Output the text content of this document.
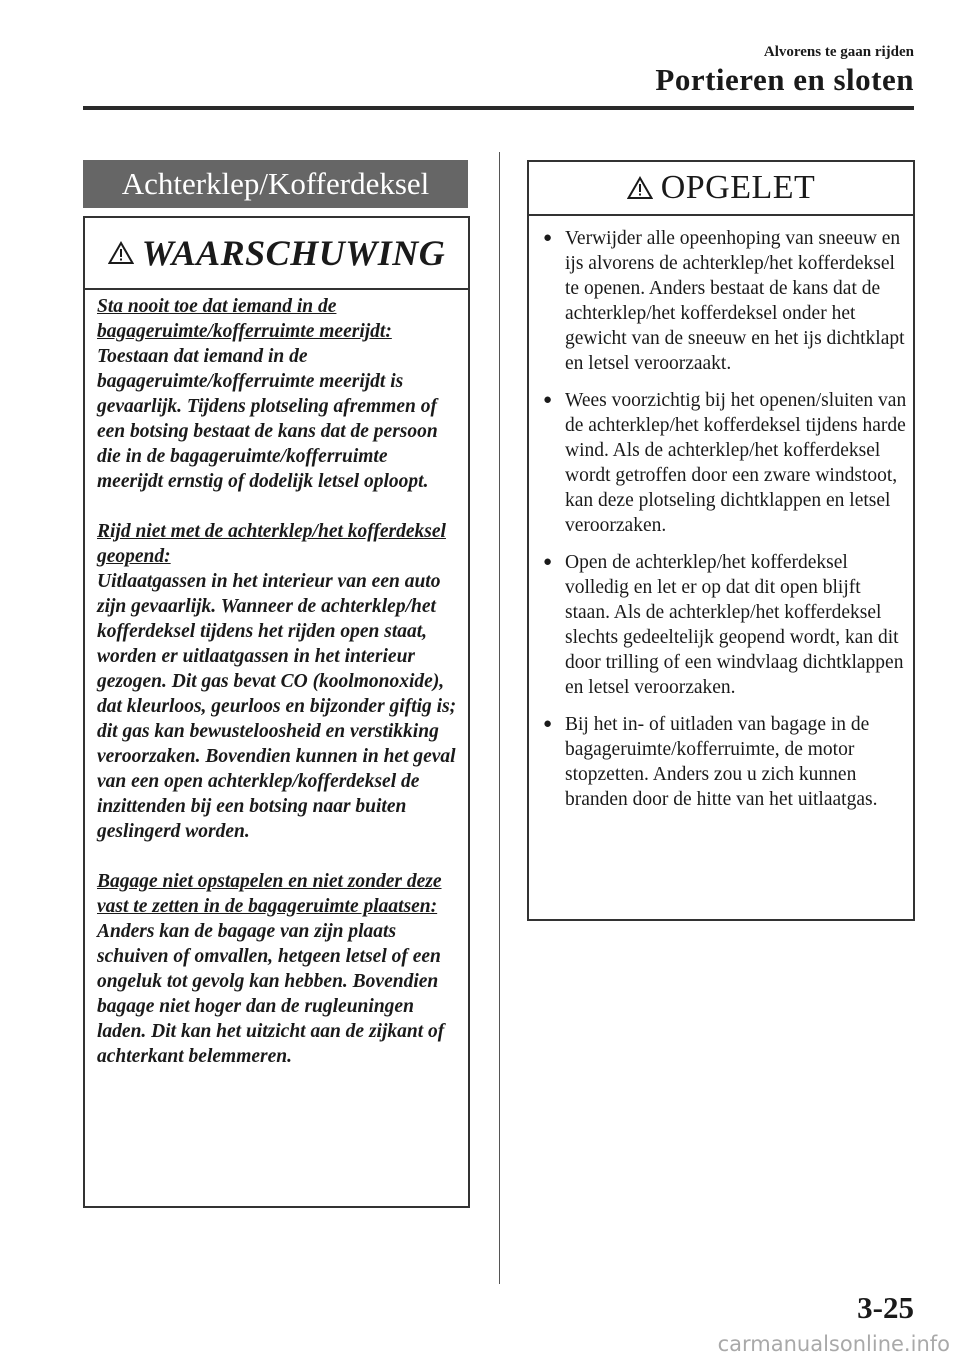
Alvorens te gaan rijden
Portieren en sloten
Achterklep/Kofferdeksel
WAARSCHUWING

Sta nooit toe dat iemand in de bagageruimte/kofferruimte meerijdt:
Toestaan dat iemand in de bagageruimte/kofferruimte meerijdt is gevaarlijk. Tijdens plotseling afremmen of een botsing bestaat de kans dat de persoon die in de bagageruimte/kofferruimte meerijdt ernstig of dodelijk letsel oploopt.

Rijd niet met de achterklep/het kofferdeksel geopend:
Uitlaatgassen in het interieur van een auto zijn gevaarlijk. Wanneer de achterklep/het kofferdeksel tijdens het rijden open staat, worden er uitlaatgassen in het interieur gezogen. Dit gas bevat CO (koolmonoxide), dat kleurloos, geurloos en bijzonder giftig is; dit gas kan bewusteloosheid en verstikking veroorzaken. Bovendien kunnen in het geval van een open achterklep/kofferdeksel de inzittenden bij een botsing naar buiten geslingerd worden.

Bagage niet opstapelen en niet zonder deze vast te zetten in de bagageruimte plaatsen:
Anders kan de bagage van zijn plaats schuiven of omvallen, hetgeen letsel of een ongeluk tot gevolg kan hebben. Bovendien bagage niet hoger dan de rugleuningen laden. Dit kan het uitzicht aan de zijkant of achterkant belemmeren.

OPGELET
● Verwijder alle opeenhoping van sneeuw en ijs alvorens de achterklep/het kofferdeksel te openen. Anders bestaat de kans dat de achterklep/het kofferdeksel onder het gewicht van de sneeuw en het ijs dichtklapt en letsel veroorzaakt.
● Wees voorzichtig bij het openen/sluiten van de achterklep/het kofferdeksel tijdens harde wind. Als de achterklep/het kofferdeksel wordt getroffen door een zware windstoot, kan deze plotseling dichtklappen en letsel veroorzaken.
● Open de achterklep/het kofferdeksel volledig en let er op dat dit open blijft staan. Als de achterklep/het kofferdeksel slechts gedeeltelijk geopend wordt, kan dit door trilling of een windvlaag dichtklappen en letsel veroorzaken.
● Bij het in- of uitladen van bagage in de bagageruimte/kofferruimte, de motor stopzetten. Anders zou u zich kunnen branden door de hitte van het uitlaatgas.
3-25
carmanualsonline.info
